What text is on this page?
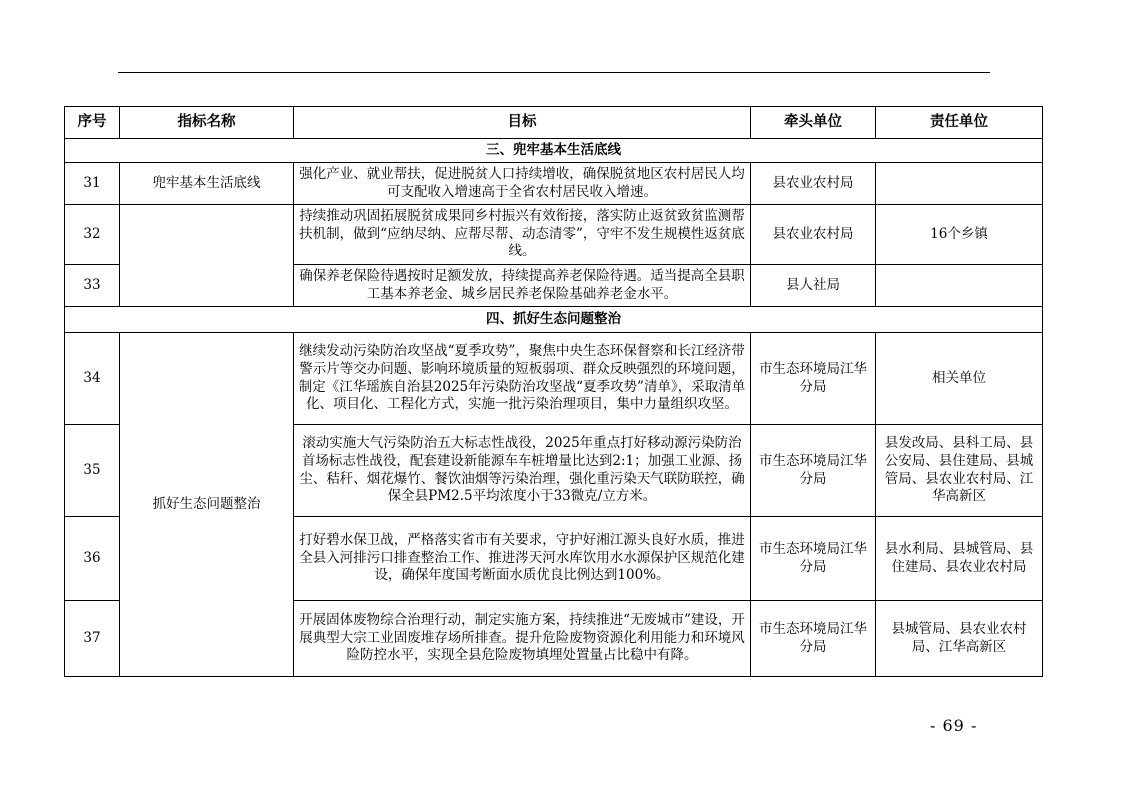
序号	指标名称	目标	牵头单位	责任单位
三、兜牢基本生活底线				
31	兜牢基本生活底线	强化产业、就业帮扶，促进脱贫人口持续增收，确保脱贫地区农村居民人均可支配收入增速高于全省农村居民收入增速。	县农业农村局	
32		持续推动巩固拓展脱贫成果同乡村振兴有效衔接，落实防止返贫致贫监测帮扶机制，做到“应纳尽纳、应帮尽帮、动态清零”，守牢不发生规模性返贫底线。	县农业农村局	16个乡镇
33		确保养老保险待遇按时足额发放，持续提高养老保险待遇。适当提高全县职工基本养老金、城乡居民养老保险基础养老金水平。	县人社局	
四、抓好生态问题整治				
34	抓好生态问题整治	继续发动污染防治攻坚战“夏季攻势”，聚焦中央生态环保督察和长江经济带警示片等交办问题、影响环境质量的短板弱项、群众反映强烈的环境问题，制定《江华瑶族自治县2025年污染防治攻坚战“夏季攻势”清单》，采取清单化、项目化、工程化方式，实施一批污染治理项目，集中力量组织攻坚。	市生态环境局江华分局	相关单位
35		滚动实施大气污染防治五大标志性战役，2025年重点打好移动源污染防治首场标志性战役，配套建设新能源车车桩增量比达到2:1；加强工业源、扬尘、秸秆、烟花爆竹、餐饮油烟等污染治理，强化重污染天气联防联控，确保全县PM2.5平均浓度小于33微克/立方米。	市生态环境局江华分局	县发改局、县科工局、县公安局、县住建局、县城管局、县农业农村局、江华高新区
36		打好碧水保卫战，严格落实省市有关要求，守护好湘江源头良好水质，推进全县入河排污口排查整治工作、推进涔天河水库饮用水水源保护区规范化建设，确保年度国考断面水质优良比例达到100%。	市生态环境局江华分局	县水利局、县城管局、县住建局、县农业农村局
37		开展固体废物综合治理行动，制定实施方案，持续推进“无废城市”建设，开展典型大宗工业固废堆存场所排查。提升危险废物资源化利用能力和环境风险防控水平，实现全县危险废物填埋处置量占比稳中有降。	市生态环境局江华分局	县城管局、县农业农村局、江华高新区
- 69 -
